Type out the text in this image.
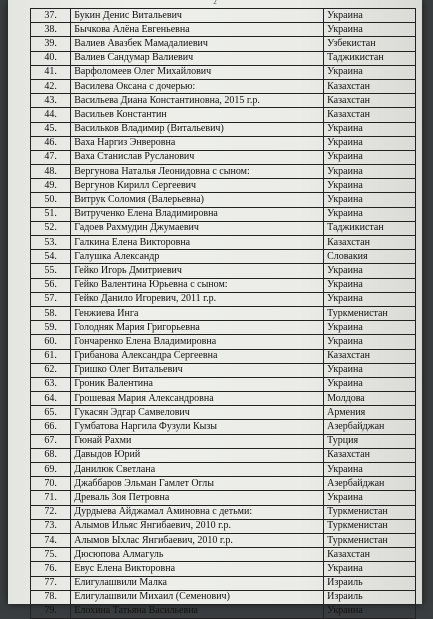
2
37.	Букин Денис Витальевич	Украина
38.	Бычкова Алёна Евгеньевна	Украина
39.	Валиев Авазбек Мамадалиевич	Узбекистан
40.	Валиев Сандумар Валиевич	Таджикистан
41.	Варфоломеев Олег Михайлович	Украина
42.	Василева Оксана с дочерью:	Казахстан
43.	Васильева Диана Константиновна, 2015 г.р.	Казахстан
44.	Васильев Константин	Казахстан
45.	Васильков Владимир (Витальевич)	Украина
46.	Ваха Наргиз Энверовна	Украина
47.	Ваха Станислав Русланович	Украина
48.	Вергунова Наталья Леонидовна с сыном:	Украина
49.	Вергунов Кирилл Сергеевич	Украина
50.	Витрук Соломия (Валерьевна)	Украина
51.	Витрученко Елена Владимировна	Украина
52.	Гадоев Рахмудин Джумаевич	Таджикистан
53.	Галкина Елена Викторовна	Казахстан
54.	Галушка Александр	Словакия
55.	Гейко Игорь Дмитриевич	Украина
56.	Гейко Валентина Юрьевна с сыном:	Украина
57.	Гейко Данило Игоревич, 2011 г.р.	Украина
58.	Генжиева Инга	Туркменистан
59.	Голодняк Мария Григорьевна	Украина
60.	Гончаренко Елена Владимировна	Украина
61.	Грибанова Александра Сергеевна	Казахстан
62.	Гришко Олег Витальевич	Украина
63.	Гроник Валентина	Украина
64.	Грошевая Мария Александровна	Молдова
65.	Гукасян Эдгар Самвелович	Армения
66.	Гумбатова Наргила Фузули Кызы	Азербайджан
67.	Гюнай Рахми	Турция
68.	Давыдов Юрий	Казахстан
69.	Данилюк Светлана	Украина
70.	Джаббаров Эльман Гамлет Оглы	Азербайджан
71.	Древаль Зоя Петровна	Украина
72.	Дурдыева Айджамал Аминовна с детьми:	Туркменистан
73.	Алымов Ильяс Янгибаевич, 2010 г.р.	Туркменистан
74.	Алымов Ыхлас Янгибаевич, 2010 г.р.	Туркменистан
75.	Дюсюпова Алмагуль	Казахстан
76.	Евус Елена Викторовна	Украина
77.	Елигулашвили Малка	Израиль
78.	Елигулашвили Михаил (Семенович)	Израиль
79.	Елохина Татьяна Васильевна	Украина
